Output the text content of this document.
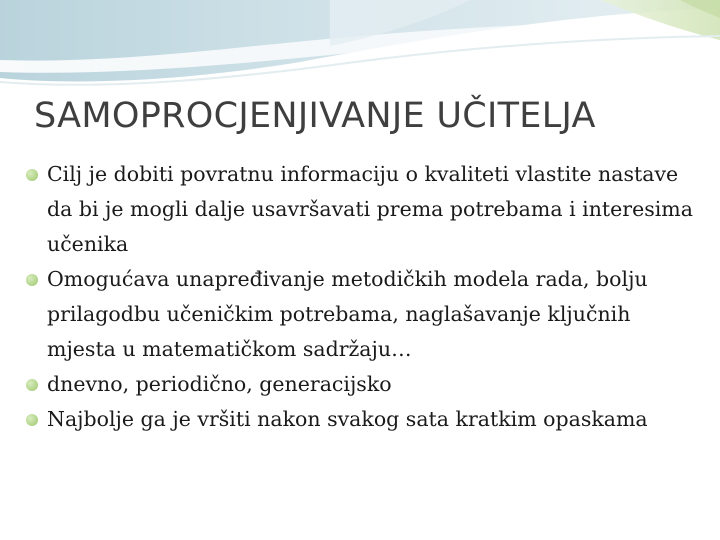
SAMOPROCJENJIVANJE UČITELJA
Cilj je dobiti povratnu informaciju o kvaliteti vlastite nastave da bi je mogli dalje usavršavati prema potrebama i interesima učenika
Omogućava unapređivanje metodičkih modela rada, bolju prilagodbu učeničkim potrebama, naglašavanje ključnih mjesta u matematičkom sadržaju…
dnevno, periodično, generacijsko
Najbolje ga je vršiti nakon svakog sata kratkim opaskama
